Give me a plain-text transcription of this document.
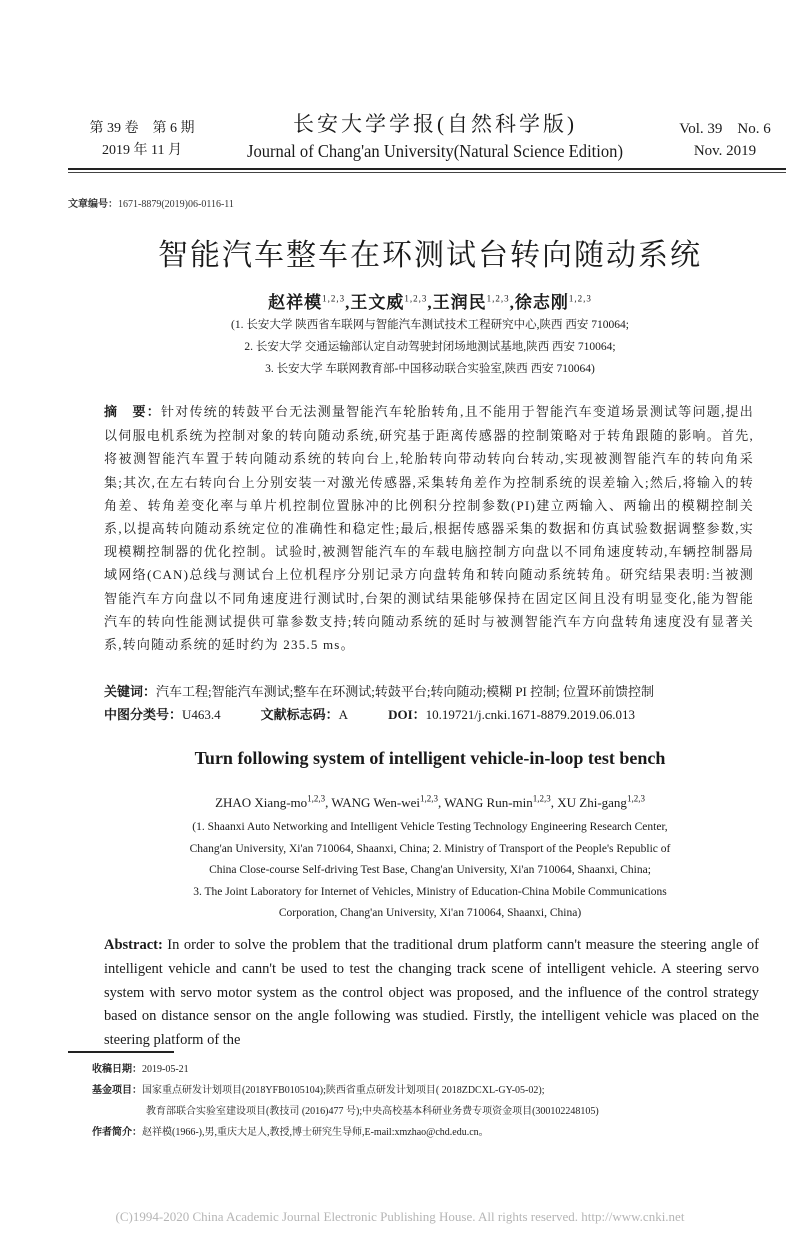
第 39 卷　第 6 期
2019 年 11 月
长安大学学报(自然科学版)
Journal of Chang'an University(Natural Science Edition)
Vol. 39　No. 6
Nov. 2019
文章编号：1671-8879(2019)06-0116-11
智能汽车整车在环测试台转向随动系统
赵祥模$^{1,2,3}$,王文威$^{1,2,3}$,王润民$^{1,2,3}$,徐志刚$^{1,2,3}$
(1. 长安大学 陕西省车联网与智能汽车测试技术工程研究中心,陕西 西安 710064;
2. 长安大学 交通运输部认定自动驾驶封闭场地测试基地,陕西 西安 710064;
3. 长安大学 车联网教育部-中国移动联合实验室,陕西 西安 710064)
摘　要：针对传统的转鼓平台无法测量智能汽车轮胎转角,且不能用于智能汽车变道场景测试等问题,提出以伺服电机系统为控制对象的转向随动系统,研究基于距离传感器的控制策略对于转角跟随的影响。首先,将被测智能汽车置于转向随动系统的转向台上,轮胎转向带动转向台转动,实现被测智能汽车的转向角采集;其次,在左右转向台上分别安装一对激光传感器,采集转角差作为控制系统的误差输入;然后,将输入的转角差、转角差变化率与单片机控制位置脉冲的比例积分控制参数(PI)建立两输入、两输出的模糊控制关系,以提高转向随动系统定位的准确性和稳定性;最后,根据传感器采集的数据和仿真试验数据调整参数,实现模糊控制器的优化控制。试验时,被测智能汽车的车载电脑控制方向盘以不同角速度转动,车辆控制器局域网络(CAN)总线与测试台上位机程序分别记录方向盘转角和转向随动系统转角。研究结果表明:当被测智能汽车方向盘以不同角速度进行测试时,台架的测试结果能够保持在固定区间且没有明显变化,能为智能汽车的转向性能测试提供可靠参数支持;转向随动系统的延时与被测智能汽车方向盘转角速度没有显著关系,转向随动系统的延时约为 235.5 ms。
关键词：汽车工程;智能汽车测试;整车在环测试;转鼓平台;转向随动;模糊 PI 控制; 位置环前馈控制
中图分类号：U463.4	文献标志码：A	DOI：10.19721/j.cnki.1671-8879.2019.06.013
Turn following system of intelligent vehicle-in-loop test bench
ZHAO Xiang-mo$^{1,2,3}$, WANG Wen-wei$^{1,2,3}$, WANG Run-$\min^{1,2,3}$, XU Zhi-gang$^{1,2,3}$
(1. Shaanxi Auto Networking and Intelligent Vehicle Testing Technology Engineering Research Center,
Chang'an University, Xi'an 710064, Shaanxi, China; 2. Ministry of Transport of the People's Republic of
China Close-course Self-driving Test Base, Chang'an University, Xi'an 710064, Shaanxi, China;
3. The Joint Laboratory for Internet of Vehicles, Ministry of Education-China Mobile Communications
Corporation, Chang'an University, Xi'an 710064, Shaanxi, China)
Abstract: In order to solve the problem that the traditional drum platform cann't measure the steering angle of intelligent vehicle and cann't be used to test the changing track scene of intelligent vehicle. A steering servo system with servo motor system as the control object was proposed, and the influence of the control strategy based on distance sensor on the angle following was studied. Firstly, the intelligent vehicle was placed on the steering platform of the
收稿日期：2019-05-21
基金项目：国家重点研发计划项目(2018YFB0105104);陕西省重点研发计划项目( 2018ZDCXL-GY-05-02);
教育部联合实验室建设项目(教技司 (2016)477 号);中央高校基本科研业务费专项资金项目(300102248105)
作者简介：赵祥模(1966-),男,重庆大足人,教授,博士研究生导师,E-mail:xmzhao@chd.edu.cn。
(C)1994-2020 China Academic Journal Electronic Publishing House. All rights reserved. http://www.cnki.net
